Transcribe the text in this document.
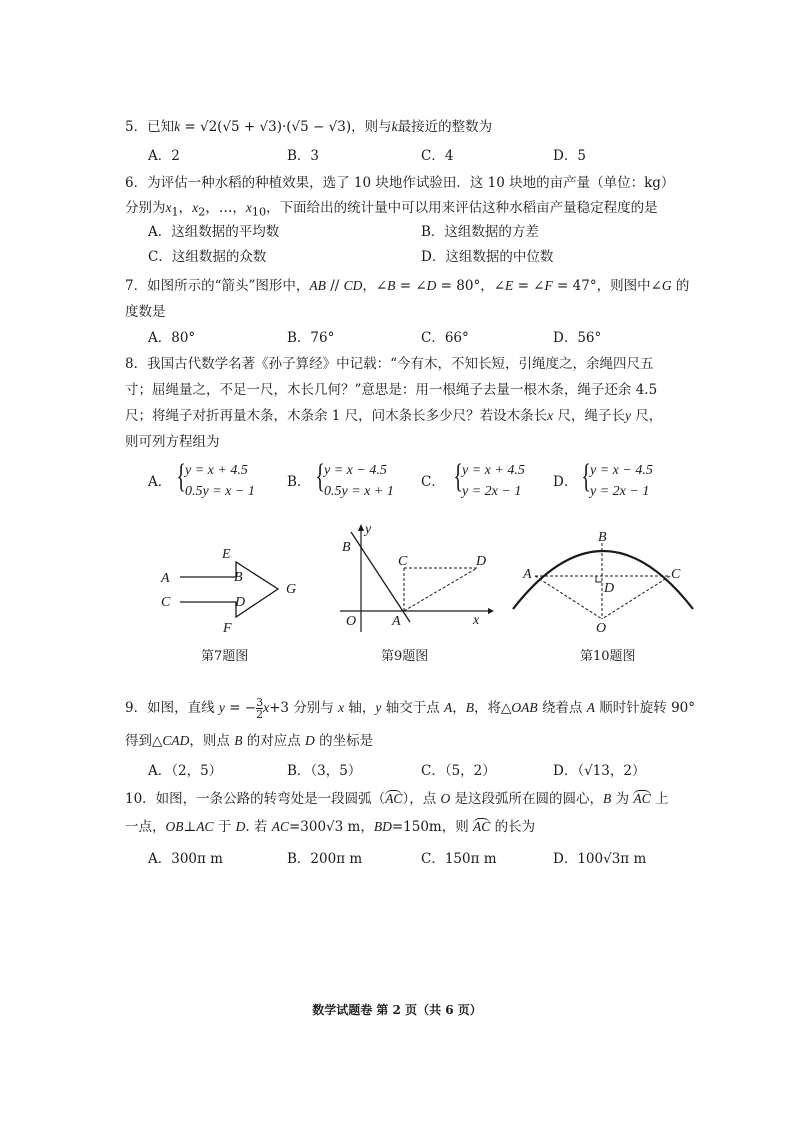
5．已知k = √2(√5 + √3)·(√5 − √3)，则与k最接近的整数为
A．2	B．3	C．4	D．5
6．为评估一种水稻的种植效果，选了 10 块地作试验田．这 10 块地的亩产量（单位：kg）
分别为$x_1$，$x_2$，…，$x_{10}$，下面给出的统计量中可以用来评估这种水稻亩产量稳定程度的是
A．这组数据的平均数	B．这组数据的方差
C．这组数据的众数	D．这组数据的中位数
7．如图所示的“箭头”图形中，AB // CD，∠B = ∠D = 80°，∠E = ∠F = 47°，则图中∠G 的
度数是
A．80°	B．76°	C．66°	D．56°
8．我国古代数学名著《孙子算经》中记载：“今有木，不知长短，引绳度之，余绳四尺五
寸；屈绳量之，不足一尺，木长几何？”意思是：用一根绳子去量一根木条，绳子还余 4.5
尺；将绳子对折再量木条，木条余 1 尺，问木条长多少尺？若设木条长x 尺，绳子长y 尺，
则可列方程组为
A． {
y = x + 4.5
0.5y = x − 1
B． {
y = x − 4.5
0.5y = x + 1
C． {
y = x + 4.5
y = 2x − 1
D． {
y = x − 4.5
y = 2x − 1
E
A	B
C	D
F
G
第7题图
y
B
C	D
O	A	x
第9题图
B
A	C
D
O
第10题图
9．如图，直线 y = − $\frac{3}{2} x+3$ 分别与 x 轴，y 轴交于点 A，B，将△OAB 绕着点 A 顺时针旋转 90°
得到△CAD，则点 B 的对应点 D 的坐标是
A．（2，5）	B．（3，5）	C．（5，2）	D．（√13，2）
10．如图，一条公路的转弯处是一段圆弧（AC），点 O 是这段弧所在圆的圆心，B 为 AC 上
一点，OB⊥AC 于 D. 若 AC=300√3 m，BD=150m，则 AC 的长为
A．300π m	B．200π m	C．150π m	D．100√3π m
数学试题卷 第 2 页（共 6 页）
